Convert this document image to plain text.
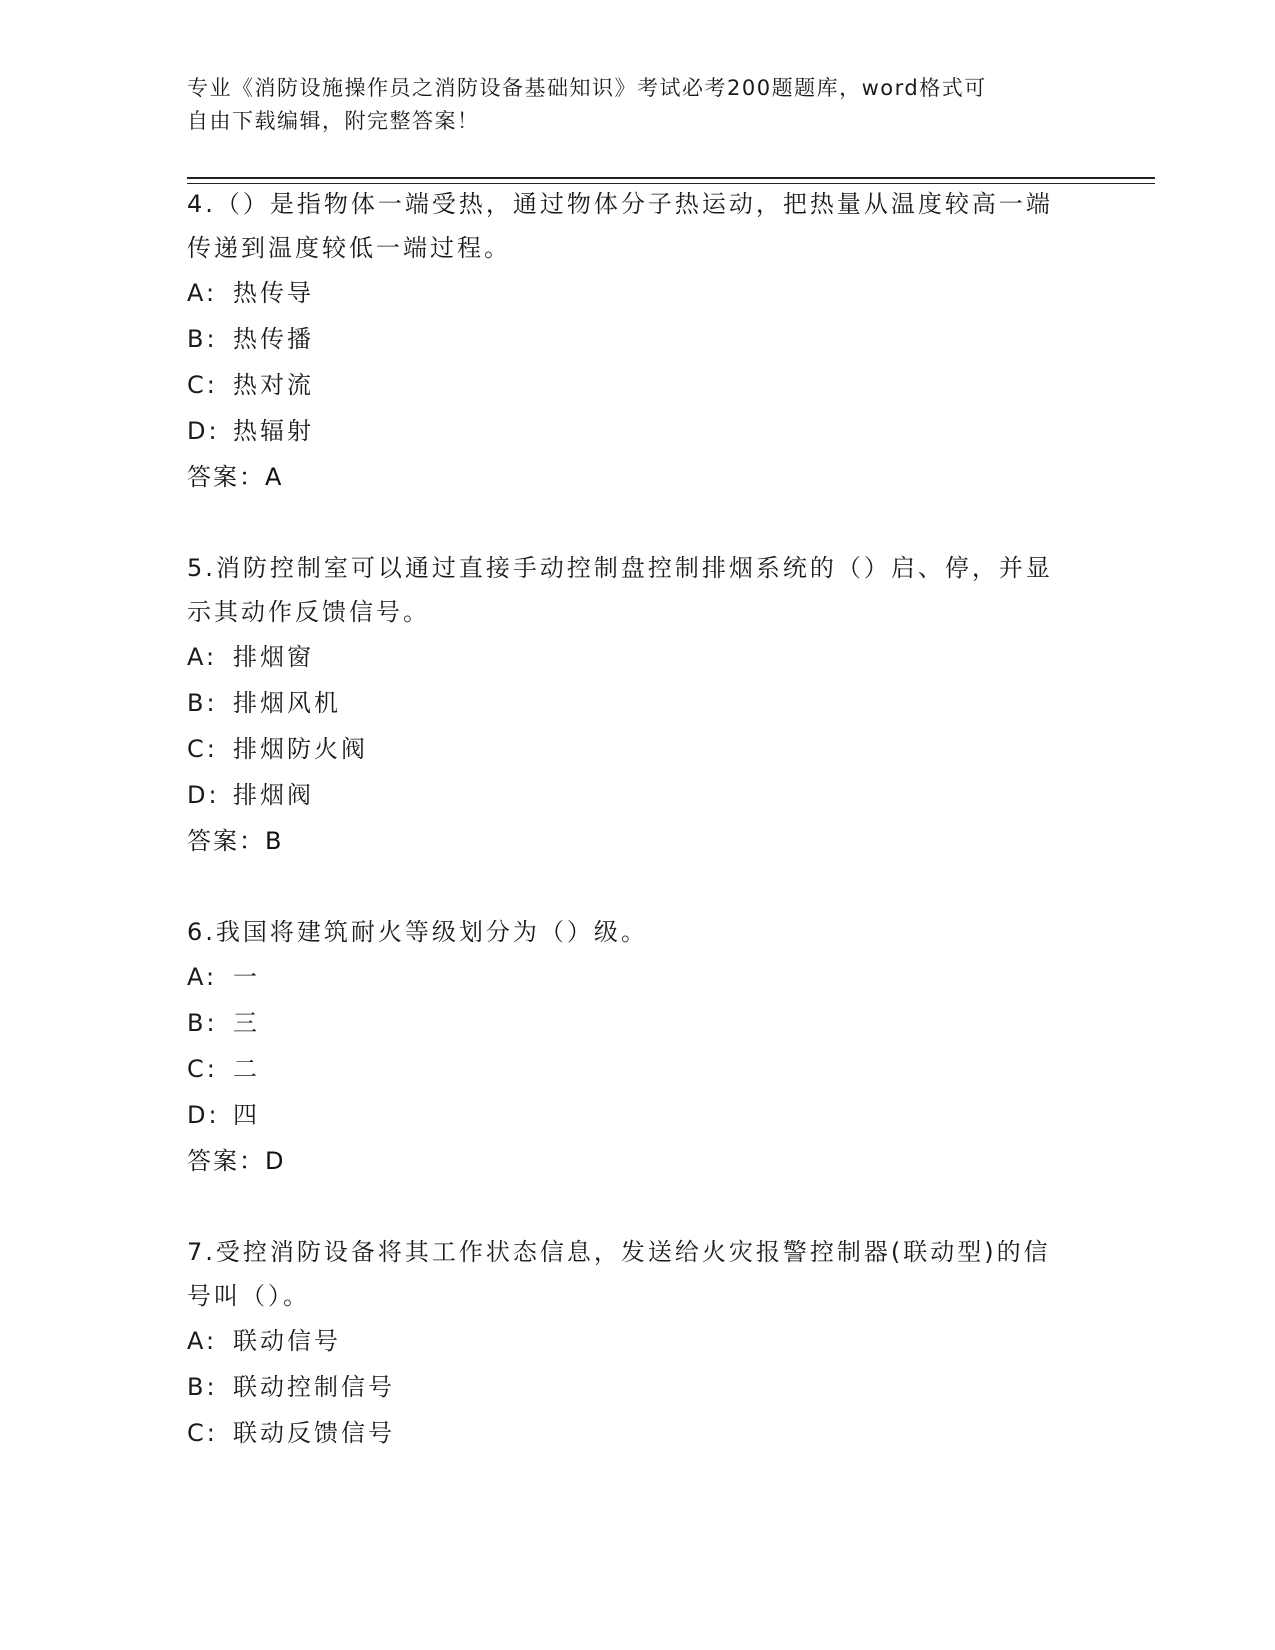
专业《消防设施操作员之消防设备基础知识》考试必考200题题库，word格式可
自由下载编辑，附完整答案！

4.（）是指物体一端受热，通过物体分子热运动，把热量从温度较高一端传递到温度较低一端过程。

A: 热传导
B: 热传播
C: 热对流
D: 热辐射
答案：A

5.消防控制室可以通过直接手动控制盘控制排烟系统的（）启、停，并显示其动作反馈信号。

A: 排烟窗
B: 排烟风机
C: 排烟防火阀
D: 排烟阀
答案：B

6.我国将建筑耐火等级划分为（）级。

A: 一
B: 三
C: 二
D: 四
答案：D

7.受控消防设备将其工作状态信息，发送给火灾报警控制器(联动型)的信号叫（）。

A: 联动信号
B: 联动控制信号
C: 联动反馈信号
